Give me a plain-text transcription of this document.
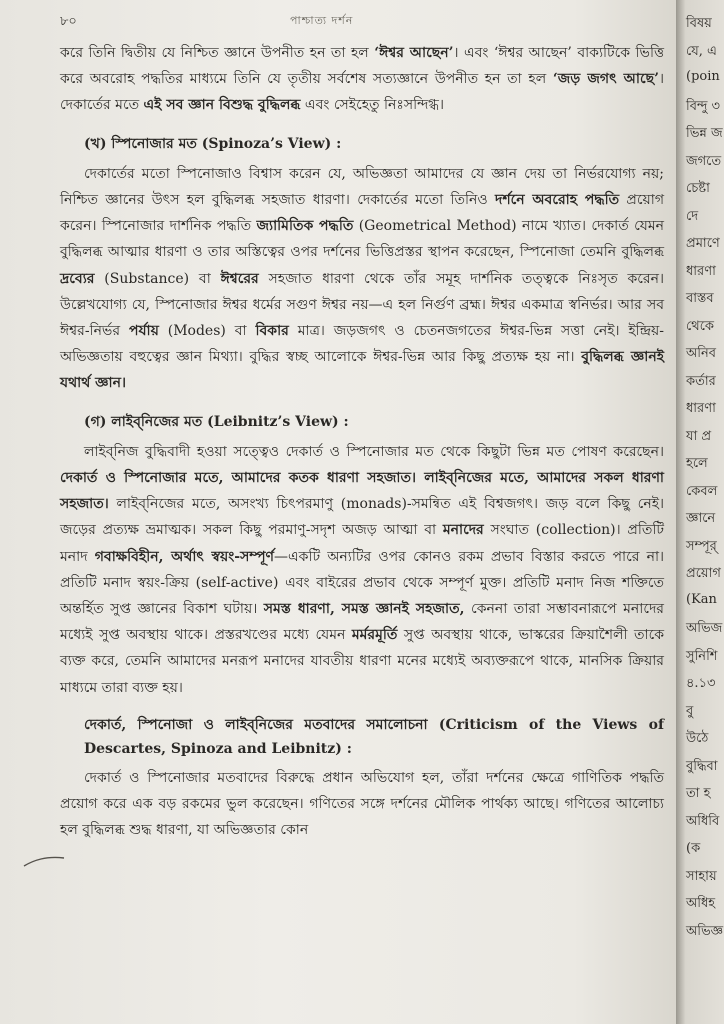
৮০	পাশ্চাত্য দর্শন

করে তিনি দ্বিতীয় যে নিশ্চিত জ্ঞানে উপনীত হন তা হল ‘ঈশ্বর আছেন’। এবং ‘ঈশ্বর আছেন’ বাক্যটিকে ভিত্তি করে অবরোহ পদ্ধতির মাধ্যমে তিনি যে তৃতীয় সর্বশেষ সত্যজ্ঞানে উপনীত হন তা হল ‘জড় জগৎ আছে’। দেকার্তের মতে এই সব জ্ঞান বিশুদ্ধ বুদ্ধিলব্ধ এবং সেইহেতু নিঃসন্দিগ্ধ।

(খ) স্পিনোজার মত (Spinoza’s View) :

দেকার্তের মতো স্পিনোজাও বিশ্বাস করেন যে, অভিজ্ঞতা আমাদের যে জ্ঞান দেয় তা নির্ভরযোগ্য নয়; নিশ্চিত জ্ঞানের উৎস হল বুদ্ধিলব্ধ সহজাত ধারণা। দেকার্তের মতো তিনিও দর্শনে অবরোহ পদ্ধতি প্রয়োগ করেন। স্পিনোজার দার্শনিক পদ্ধতি জ্যামিতিক পদ্ধতি (Geometrical Method) নামে খ্যাত। দেকার্ত যেমন বুদ্ধিলব্ধ আত্মার ধারণা ও তার অস্তিত্বের ওপর দর্শনের ভিত্তিপ্রস্তর স্থাপন করেছেন, স্পিনোজা তেমনি বুদ্ধিলব্ধ দ্রব্যের (Substance) বা ঈশ্বরের সহজাত ধারণা থেকে তাঁর সমূহ দার্শনিক তত্ত্বকে নিঃসৃত করেন। উল্লেখযোগ্য যে, স্পিনোজার ঈশ্বর ধর্মের সগুণ ঈশ্বর নয়—এ হল নির্গুণ ব্রহ্ম। ঈশ্বর একমাত্র স্বনির্ভর। আর সব ঈশ্বর-নির্ভর পর্যায় (Modes) বা বিকার মাত্র। জড়জগৎ ও চেতনজগতের ঈশ্বর-ভিন্ন সত্তা নেই। ইন্দ্রিয়-অভিজ্ঞতায় বহুত্বের জ্ঞান মিথ্যা। বুদ্ধির স্বচ্ছ আলোকে ঈশ্বর-ভিন্ন আর কিছু প্রত্যক্ষ হয় না। বুদ্ধিলব্ধ জ্ঞানই যথার্থ জ্ঞান।

(গ) লাইব্‌নিজের মত (Leibnitz’s View) :

লাইব্‌নিজ বুদ্ধিবাদী হওয়া সত্ত্বেও দেকার্ত ও স্পিনোজার মত থেকে কিছুটা ভিন্ন মত পোষণ করেছেন। দেকার্ত ও স্পিনোজার মতে, আমাদের কতক ধারণা সহজাত। লাইব্‌নিজের মতে, আমাদের সকল ধারণা সহজাত। লাইব্‌নিজের মতে, অসংখ্য চিৎপরমাণু (monads)-সমন্বিত এই বিশ্বজগৎ। জড় বলে কিছু নেই। জড়ের প্রত্যক্ষ ভ্রমাত্মক। সকল কিছু পরমাণু-সদৃশ অজড় আত্মা বা মনাদের সংঘাত (collection)। প্রতিটি মনাদ গবাক্ষবিহীন, অর্থাৎ স্বয়ং-সম্পূর্ণ—একটি অন্যটির ওপর কোনও রকম প্রভাব বিস্তার করতে পারে না। প্রতিটি মনাদ স্বয়ং-ক্রিয় (self-active) এবং বাইরের প্রভাব থেকে সম্পূর্ণ মুক্ত। প্রতিটি মনাদ নিজ শক্তিতে অন্তর্হিত সুপ্ত জ্ঞানের বিকাশ ঘটায়। সমস্ত ধারণা, সমস্ত জ্ঞানই সহজাত, কেননা তারা সম্ভাবনারূপে মনাদের মধ্যেই সুপ্ত অবস্থায় থাকে। প্রস্তরখণ্ডের মধ্যে যেমন মর্মরমূর্তি সুপ্ত অবস্থায় থাকে, ভাস্করের ক্রিয়াশৈলী তাকে ব্যক্ত করে, তেমনি আমাদের মনরূপ মনাদের যাবতীয় ধারণা মনের মধ্যেই অব্যক্তরূপে থাকে, মানসিক ক্রিয়ার মাধ্যমে তারা ব্যক্ত হয়।

দেকার্ত, স্পিনোজা ও লাইব্‌নিজের মতবাদের সমালোচনা (Criticism of the Views of Descartes, Spinoza and Leibnitz) :

দেকার্ত ও স্পিনোজার মতবাদের বিরুদ্ধে প্রধান অভিযোগ হল, তাঁরা দর্শনের ক্ষেত্রে গাণিতিক পদ্ধতি প্রয়োগ করে এক বড় রকমের ভুল করেছেন। গণিতের সঙ্গে দর্শনের মৌলিক পার্থক্য আছে। গণিতের আলোচ্য হল বুদ্ধিলব্ধ শুদ্ধ ধারণা, যা অভিজ্ঞতার কোন

বিষয়
যে, এ
(poin
বিন্দু ৩
ভিন্ন জ
জগতে
চেষ্টা
দে
প্রমাণে
ধারণা
বাস্তব
থেকে
অনিব
কর্তার
ধারণা
যা প্র
হলে
কেবল
জ্ঞানে
সম্পূর্
প্রয়োগ
(Kan
অভিজ
সুনিশি
৪.১৩
বু
উঠে
বুদ্ধিবা
তা হ
অধিবি
(ক
সাহায়
অধিহ
অভিজ্ঞ
